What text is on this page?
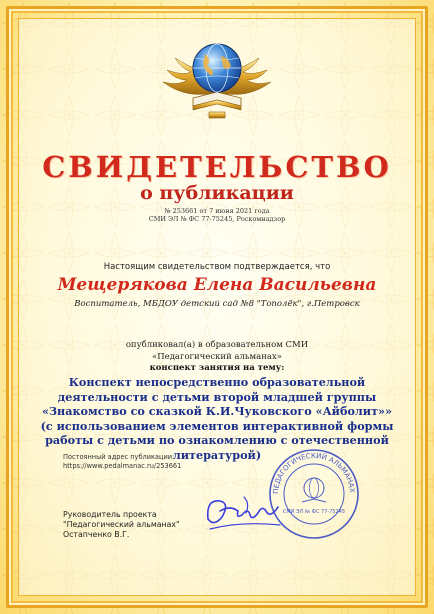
СВИДЕТЕЛЬСТВО
о публикации
№ 253661 от 7 июня 2021 года
СМИ ЭЛ № ФС 77-75245, Роскомнадзор
Настоящим свидетельством подтверждается, что
Мещерякова Елена Васильевна
Воспитатель, МБДОУ детский сад №8 "Тополёк", г.Петровск
опубликовал(а) в образовательном СМИ
«Педагогический альманах»
конспект занятия на тему:
Конспект непосредственно образовательной
деятельности с детьми второй младшей группы
«Знакомство со сказкой К.И.Чуковского «Айболит»»
(с использованием элементов интерактивной формы
работы с детьми по ознакомлению с отечественной
литературой)
Постоянный адрес публикации:
https://www.pedalmanac.ru/253661
Руководитель проекта
"Педагогический альманах"
Остапченко В.Г.
ПЕДАГОГИЧЕСКИЙ АЛЬМАНАХ
СМИ ЭЛ № ФС 77-75245
